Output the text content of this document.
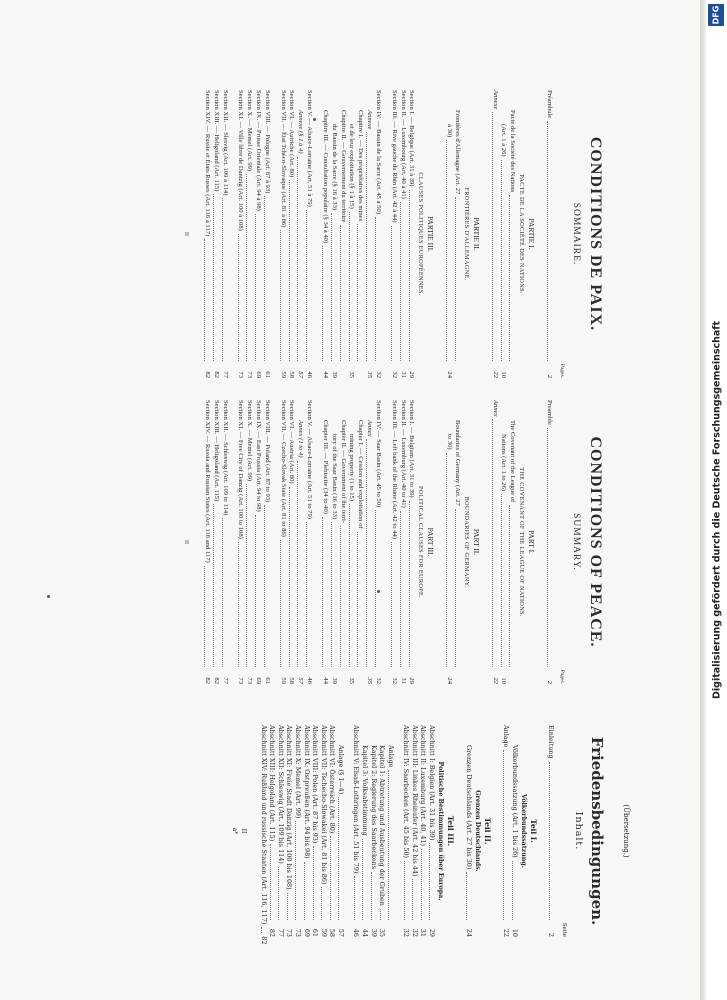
CONDITIONS DE PAIX.
SOMMAIRE.
Pages.
Préambule
2
PARTIE I.
PACTE DE LA SOCIÉTÉ DES NATIONS.
Pacte de la Société des Nations
(Art. 1 à 26)
10
Annexe
22
PARTIE II.
FRONTIÈRES D'ALLEMAGNE.
Frontières d'Allemagne (Art. 27
à 30)
24
PARTIE III.
CLAUSES POLITIQUES EUROPÉENNES.
Section I. — Belgique (Art. 31 à 39)
29
Section II. — Luxembourg (Art. 40 à 41)
31
Section III. — Rive gauche du Rhin (Art. 42 à 44)
32
Section IV. — Bassin de la Sarre (Art. 45 à 50)
32
Annexe
35
Chapitre I. — Des propriétaires des mines
et de leur exploitation (§ 1 à 15)
35
Chapitre II. — Gouvernement du territoire
du Bassin de la Sarre (§ 16 à 33)
39
Chapitre III. — Consultation populaire (§ 34 à 40)
44
Section V. — Alsace-Lorraine (Art. 51 à 79)
46
Annexe (§ 1 à 4)
57
Section VI. — Autriche (Art. 80)
58
Section VII. — État Tchéco-Slovaque (Art. 81 à 86)
59
Section VIII. — Pologne (Art. 87 à 93)
61
Section IX. — Prusse Orientale (Art. 94 à 98)
69
Section X. — Memel (Art. 99)
73
Section XI. — Ville libre de Dantzig (Art. 100 à 108)
73
Section XII. — Slesvig (Art. 109 à 114)
77
Section XIII. — Heligoland (Art. 115)
82
Section XIV. — Russie et États Russes (Art. 116 à 117)
82
II
CONDITIONS OF PEACE.
SUMMARY.
Pages.
Preamble
2
PART I.
THE COVENANT OF THE LEAGUE OF NATIONS.
The Covenant of the League of
Nations (Art. 1 to 26)
10
Annex
22
PART II.
BOUNDARIES OF GERMANY.
Boundaries of Germany (Art. 27
to 30)
24
PART III.
POLITICAL CLAUSES FOR EUROPE.
Section I. — Belgium (Art. 31 to 39)
29
Section II. — Luxemburg (Art. 40 to 41)
31
Section III. — Left bank of the Rhine (Art. 42 to 44)
32
Section IV. — Saar Basin (Art. 45 to 50)
32
Annex
35
Chapter I. — Cession and exploitation of
mining property (1 to 15)
35
Chapter II. — Government of the terri-
tory of the Saar Basin (16 to 33)
39
Chapter III. — Plebiscite (34 to 40)
44
Section V. — Alsace-Lorraine (Art. 51 to 79)
46
Annex (1 to 4)
57
Section VI. — Austria (Art. 80)
58
Section VII. — Czecho-Slovak State (Art. 81 to 86)
59
Section VIII. — Poland (Art. 87 to 93)
61
Section IX. — East Prussia (Art. 94 to 98)
69
Section X. — Memel (Art. 99)
73
Section XI. — Free City of Danzig (Art. 100 to 108)
73
Section XII. — Schleswig (Art. 109 to 114)
77
Section XIII. — Heligoland (Art. 115)
82
Section XIV. — Russia and Russian States (Art. 116 and 117)
82
II
(Übersetzung.)
Friedensbedingungen.
Inhalt.
Seite
Einleitung
2
Teil I.
Völkerbundssatzung.
Völkerbundssatzung (Art. 1 bis 26)
10
Anlage
22
Teil II.
Grenzen Deutschlands.
Grenzen Deutschlands (Art. 27 bis 30)
24
Teil III.
Politische Bestimmungen über Europa.
Abschnitt I: Belgien (Art. 31 bis 39)
29
Abschnitt II: Luxemburg (Art. 40, 41)
31
Abschnitt III: Linkes Rheinufer (Art. 42 bis 44)
32
Abschnitt IV: Saarbecken (Art. 45 bis 50)
32
Anlage
Kapitel 1: Abtretung und Ausbeutung der Gruben
35
Kapitel 2: Regierung des Saarbeckens
39
Kapitel 3: Volksabstimmung
44
Abschnitt V: Elsaß-Lothringen (Art. 51 bis 79)
46
Anlage (§ 1—4)
57
Abschnitt VI: Österreich (Art. 80)
58
Abschnitt VII: Tschecho-Slowakei (Art. 81 bis 86)
59
Abschnitt VIII: Polen (Art. 87 bis 93)
61
Abschnitt IX: Ostpreußen (Art. 94 bis 98)
69
Abschnitt X: Memel (Art. 99)
73
Abschnitt XI: Freie Stadt Danzig (Art. 100 bis 108)
73
Abschnitt XII: Schleswig (Art. 109 bis 114)
77
Abschnitt XIII: Helgoland (Art. 115)
82
Abschnitt XIV: Rußland und russische Staaten (Art. 116, 117)
82
II
a*
Digitalisierung gefördert durch die Deutsche Forschungsgemeinschaft
DFG
